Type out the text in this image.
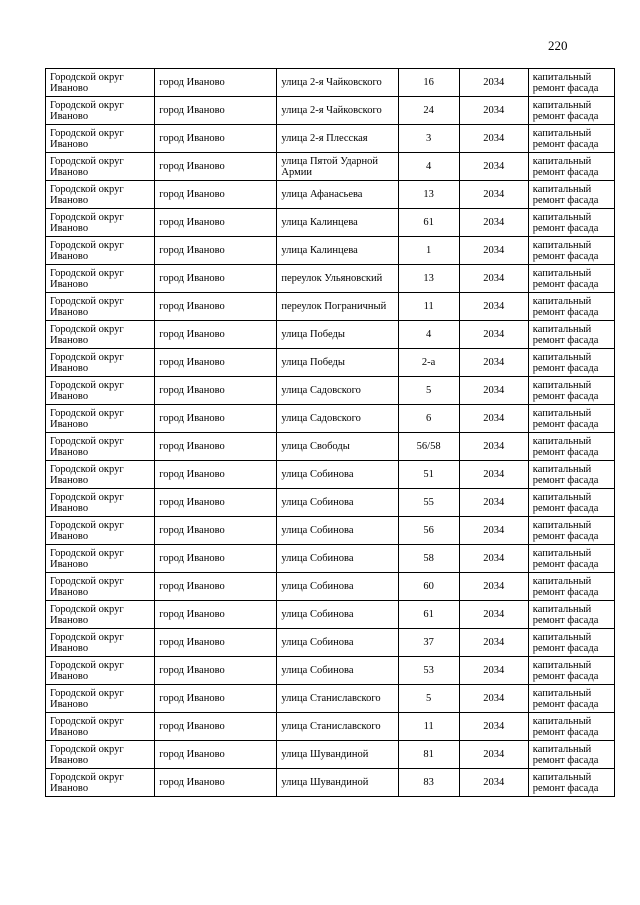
220
Городской округ Иваново	город Иваново	улица 2-я Чайковского	16	2034	капитальный ремонт фасада
Городской округ Иваново	город Иваново	улица 2-я Чайковского	24	2034	капитальный ремонт фасада
Городской округ Иваново	город Иваново	улица 2-я Плесская	3	2034	капитальный ремонт фасада
Городской округ Иваново	город Иваново	улица Пятой Ударной Армии	4	2034	капитальный ремонт фасада
Городской округ Иваново	город Иваново	улица Афанасьева	13	2034	капитальный ремонт фасада
Городской округ Иваново	город Иваново	улица Калинцева	61	2034	капитальный ремонт фасада
Городской округ Иваново	город Иваново	улица Калинцева	1	2034	капитальный ремонт фасада
Городской округ Иваново	город Иваново	переулок Ульяновский	13	2034	капитальный ремонт фасада
Городской округ Иваново	город Иваново	переулок Пограничный	11	2034	капитальный ремонт фасада
Городской округ Иваново	город Иваново	улица Победы	4	2034	капитальный ремонт фасада
Городской округ Иваново	город Иваново	улица Победы	2-а	2034	капитальный ремонт фасада
Городской округ Иваново	город Иваново	улица Садовского	5	2034	капитальный ремонт фасада
Городской округ Иваново	город Иваново	улица Садовского	6	2034	капитальный ремонт фасада
Городской округ Иваново	город Иваново	улица Свободы	56/58	2034	капитальный ремонт фасада
Городской округ Иваново	город Иваново	улица Собинова	51	2034	капитальный ремонт фасада
Городской округ Иваново	город Иваново	улица Собинова	55	2034	капитальный ремонт фасада
Городской округ Иваново	город Иваново	улица Собинова	56	2034	капитальный ремонт фасада
Городской округ Иваново	город Иваново	улица Собинова	58	2034	капитальный ремонт фасада
Городской округ Иваново	город Иваново	улица Собинова	60	2034	капитальный ремонт фасада
Городской округ Иваново	город Иваново	улица Собинова	61	2034	капитальный ремонт фасада
Городской округ Иваново	город Иваново	улица Собинова	37	2034	капитальный ремонт фасада
Городской округ Иваново	город Иваново	улица Собинова	53	2034	капитальный ремонт фасада
Городской округ Иваново	город Иваново	улица Станиславского	5	2034	капитальный ремонт фасада
Городской округ Иваново	город Иваново	улица Станиславского	11	2034	капитальный ремонт фасада
Городской округ Иваново	город Иваново	улица Шувандиной	81	2034	капитальный ремонт фасада
Городской округ Иваново	город Иваново	улица Шувандиной	83	2034	капитальный ремонт фасада
